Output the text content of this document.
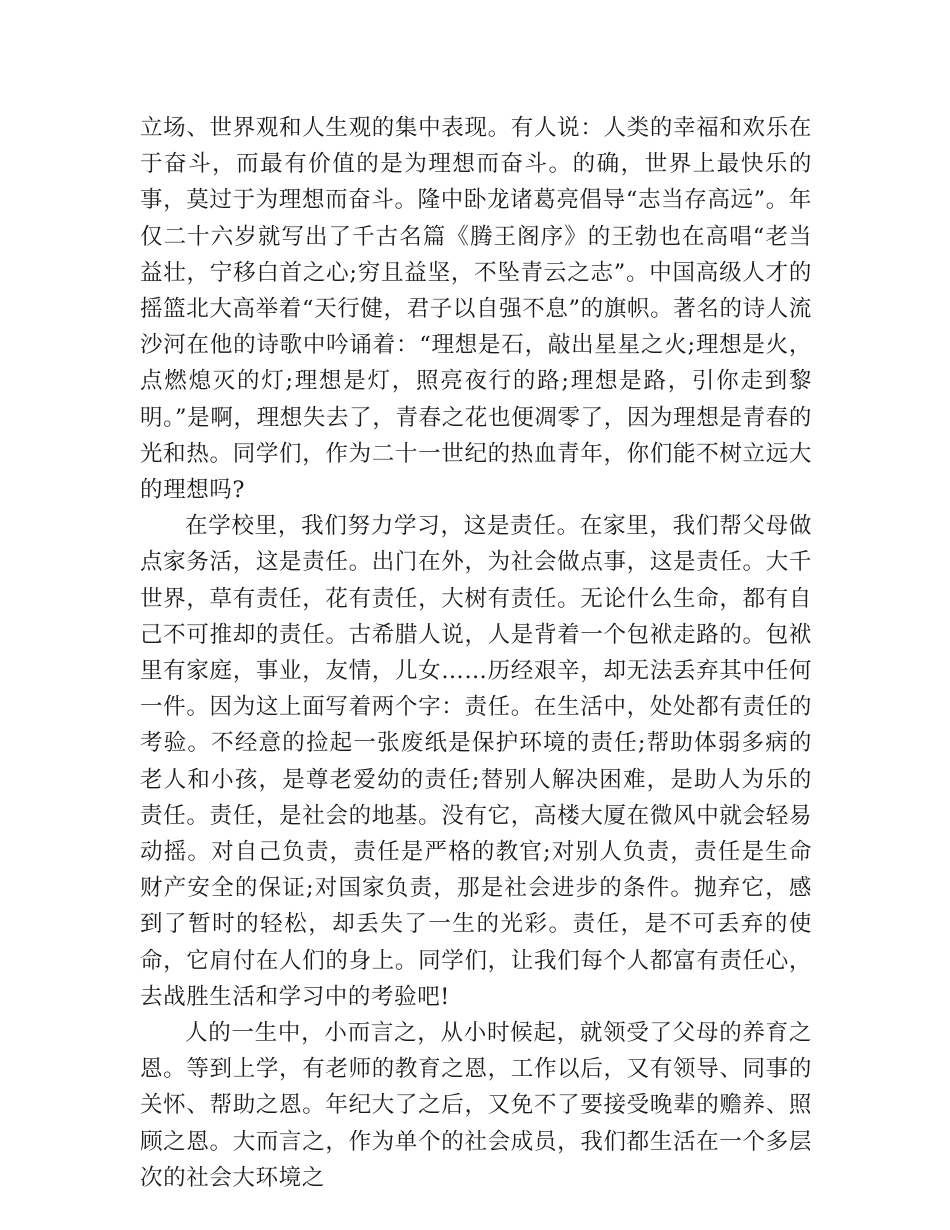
立场、世界观和人生观的集中表现。有人说：人类的幸福和欢乐在于奋斗，而最有价值的是为理想而奋斗。的确，世界上最快乐的事，莫过于为理想而奋斗。隆中卧龙诸葛亮倡导“志当存高远”。年仅二十六岁就写出了千古名篇《腾王阁序》的王勃也在高唱“老当益壮，宁移白首之心;穷且益坚，不坠青云之志”。中国高级人才的摇篮北大高举着“天行健，君子以自强不息”的旗帜。著名的诗人流沙河在他的诗歌中吟诵着：“理想是石，敲出星星之火;理想是火，点燃熄灭的灯;理想是灯，照亮夜行的路;理想是路，引你走到黎明。”是啊，理想失去了，青春之花也便凋零了，因为理想是青春的光和热。同学们，作为二十一世纪的热血青年，你们能不树立远大的理想吗?

在学校里，我们努力学习，这是责任。在家里，我们帮父母做点家务活，这是责任。出门在外，为社会做点事，这是责任。大千世界，草有责任，花有责任，大树有责任。无论什么生命，都有自己不可推却的责任。古希腊人说，人是背着一个包袱走路的。包袱里有家庭，事业，友情，儿女……历经艰辛，却无法丢弃其中任何一件。因为这上面写着两个字：责任。在生活中，处处都有责任的考验。不经意的捡起一张废纸是保护环境的责任;帮助体弱多病的老人和小孩，是尊老爱幼的责任;替别人解决困难，是助人为乐的责任。责任，是社会的地基。没有它，高楼大厦在微风中就会轻易动摇。对自己负责，责任是严格的教官;对别人负责，责任是生命财产安全的保证;对国家负责，那是社会进步的条件。抛弃它，感到了暂时的轻松，却丢失了一生的光彩。责任，是不可丢弃的使命，它肩付在人们的身上。同学们，让我们每个人都富有责任心，去战胜生活和学习中的考验吧!

人的一生中，小而言之，从小时候起，就领受了父母的养育之恩。等到上学，有老师的教育之恩，工作以后，又有领导、同事的关怀、帮助之恩。年纪大了之后，又免不了要接受晚辈的赡养、照顾之恩。大而言之，作为单个的社会成员，我们都生活在一个多层次的社会大环境之
